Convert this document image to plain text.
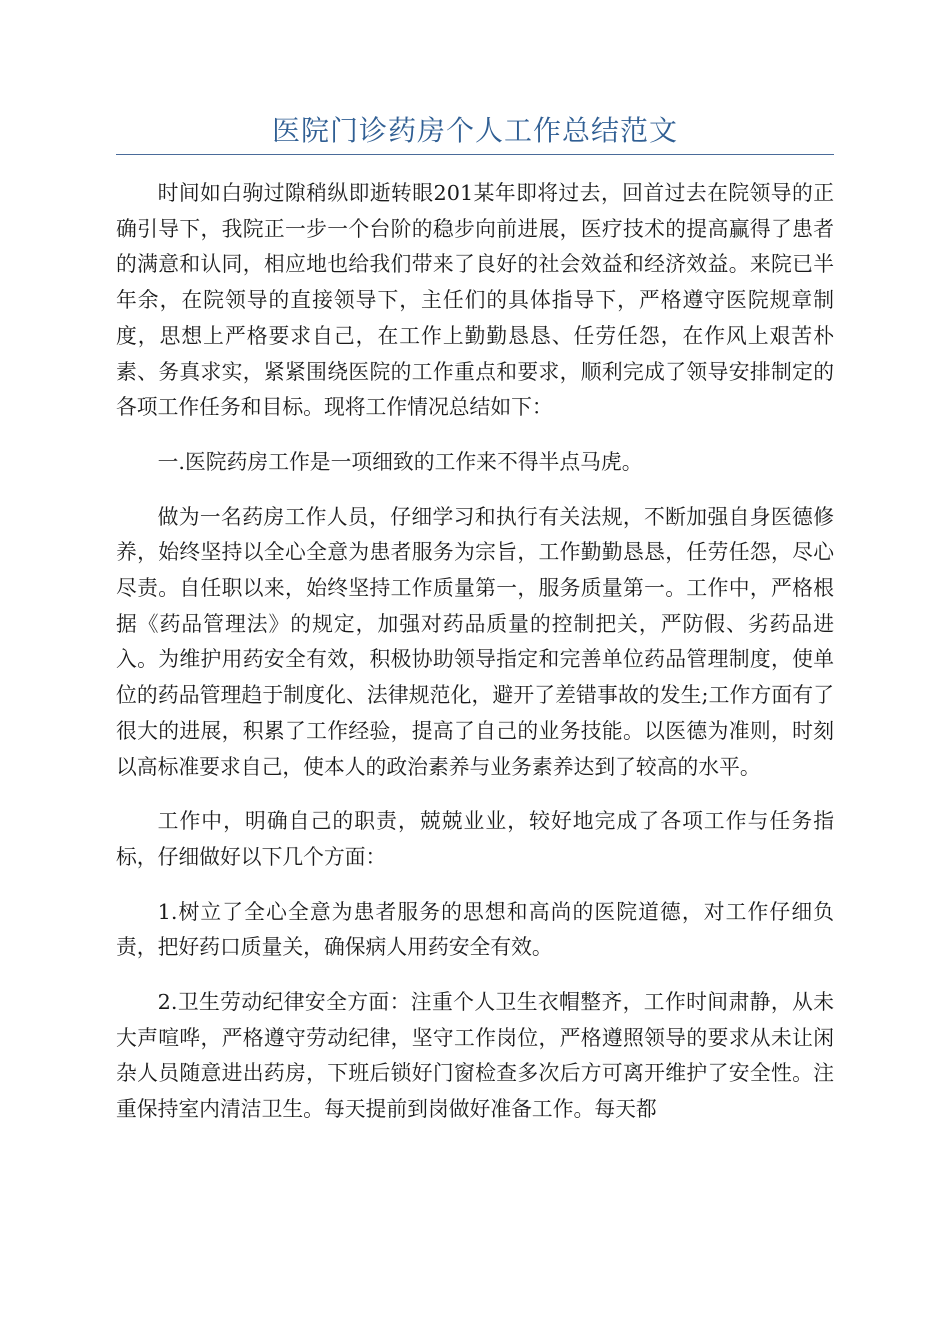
医院门诊药房个人工作总结范文

时间如白驹过隙稍纵即逝转眼201某年即将过去，回首过去在院领导的正确引导下，我院正一步一个台阶的稳步向前进展，医疗技术的提高赢得了患者的满意和认同，相应地也给我们带来了良好的社会效益和经济效益。来院已半年余，在院领导的直接领导下，主任们的具体指导下，严格遵守医院规章制度，思想上严格要求自己，在工作上勤勤恳恳、任劳任怨，在作风上艰苦朴素、务真求实，紧紧围绕医院的工作重点和要求，顺利完成了领导安排制定的各项工作任务和目标。现将工作情况总结如下：

一.医院药房工作是一项细致的工作来不得半点马虎。

做为一名药房工作人员，仔细学习和执行有关法规，不断加强自身医德修养，始终坚持以全心全意为患者服务为宗旨，工作勤勤恳恳，任劳任怨，尽心尽责。自任职以来，始终坚持工作质量第一，服务质量第一。工作中，严格根据《药品管理法》的规定，加强对药品质量的控制把关，严防假、劣药品进入。为维护用药安全有效，积极协助领导指定和完善单位药品管理制度，使单位的药品管理趋于制度化、法律规范化，避开了差错事故的发生;工作方面有了很大的进展，积累了工作经验，提高了自己的业务技能。以医德为准则，时刻以高标准要求自己，使本人的政治素养与业务素养达到了较高的水平。

工作中，明确自己的职责，兢兢业业，较好地完成了各项工作与任务指标，仔细做好以下几个方面：

1.树立了全心全意为患者服务的思想和高尚的医院道德，对工作仔细负责，把好药口质量关，确保病人用药安全有效。

2.卫生劳动纪律安全方面：注重个人卫生衣帽整齐，工作时间肃静，从未大声喧哗，严格遵守劳动纪律，坚守工作岗位，严格遵照领导的要求从未让闲杂人员随意进出药房，下班后锁好门窗检查多次后方可离开维护了安全性。注重保持室内清洁卫生。每天提前到岗做好准备工作。每天都
